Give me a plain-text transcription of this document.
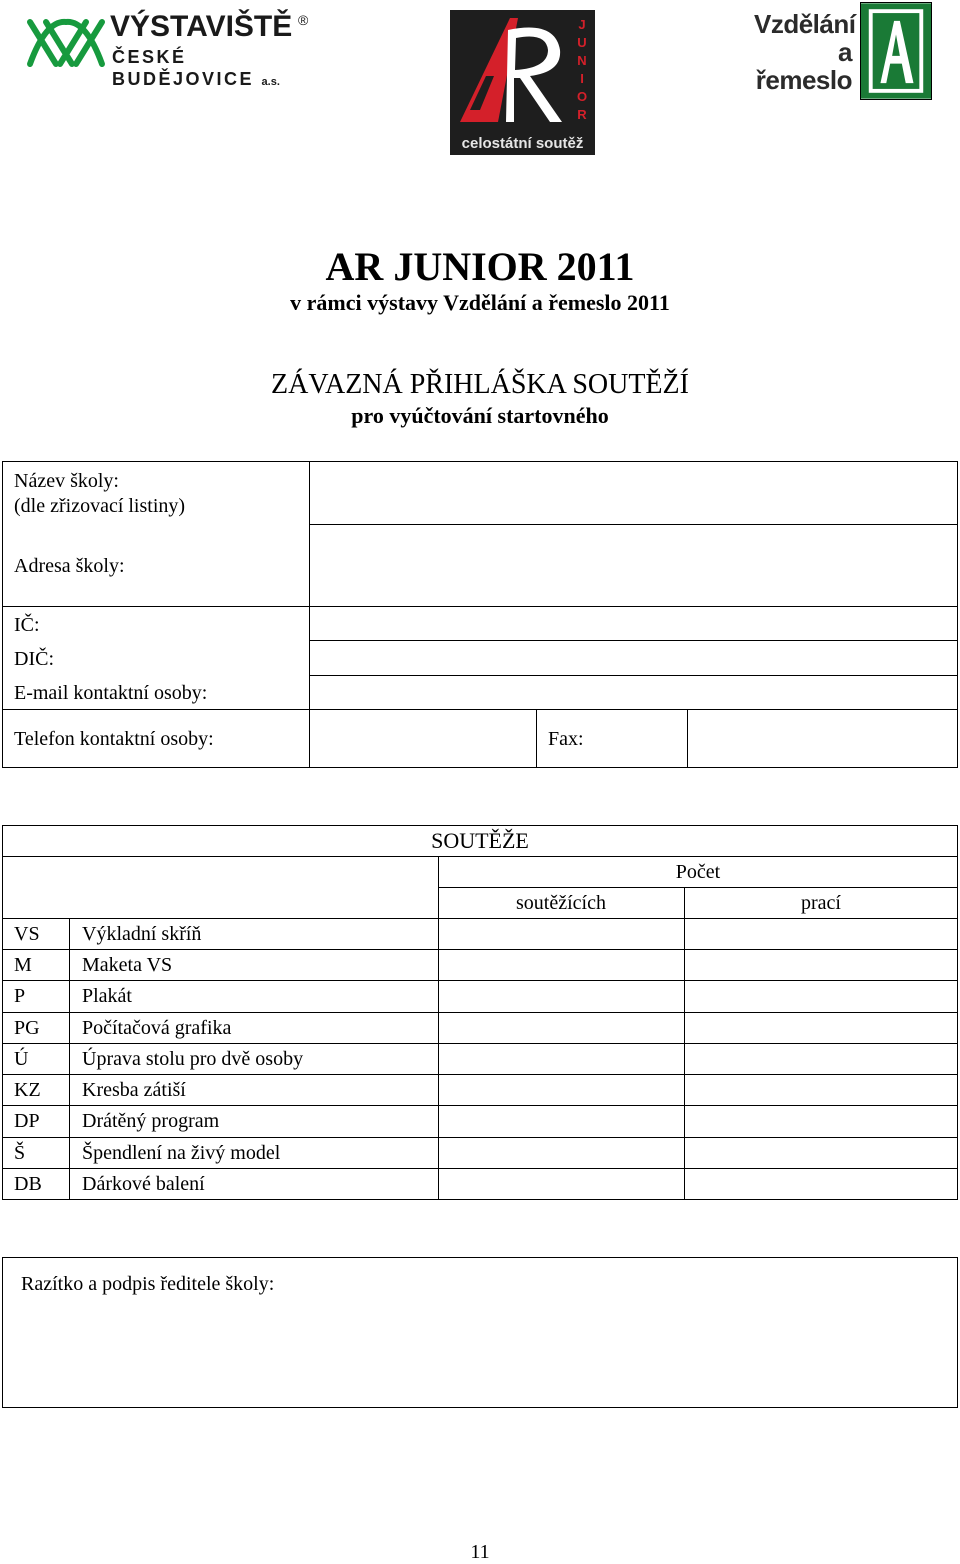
VÝSTAVIŠTĚ ®
ČESKÉ BUDĚJOVICE a.s.
J
U
N
I
O
R
celostátní soutěž
Vzdělání
a
řemeslo
AR JUNIOR 2011
v rámci výstavy Vzdělání a řemeslo 2011
ZÁVAZNÁ PŘIHLÁŠKA SOUTĚŽÍ
pro vyúčtování startovného
Název školy:
(dle zřizovací listiny)
Adresa školy:
IČ:
DIČ:
E-mail kontaktní osoby:
Telefon kontaktní osoby:	Fax:
SOUTĚŽE
Počet
soutěžících	prací
VS Výkladní skříň
M	Maketa VS
P	Plakát
PG Počítačová grafika
Ú	Úprava stolu pro dvě osoby
KZ Kresba zátiší
DP Drátěný program
Š	Špendlení na živý model
DB Dárkové balení
Razítko a podpis ředitele školy:
11
